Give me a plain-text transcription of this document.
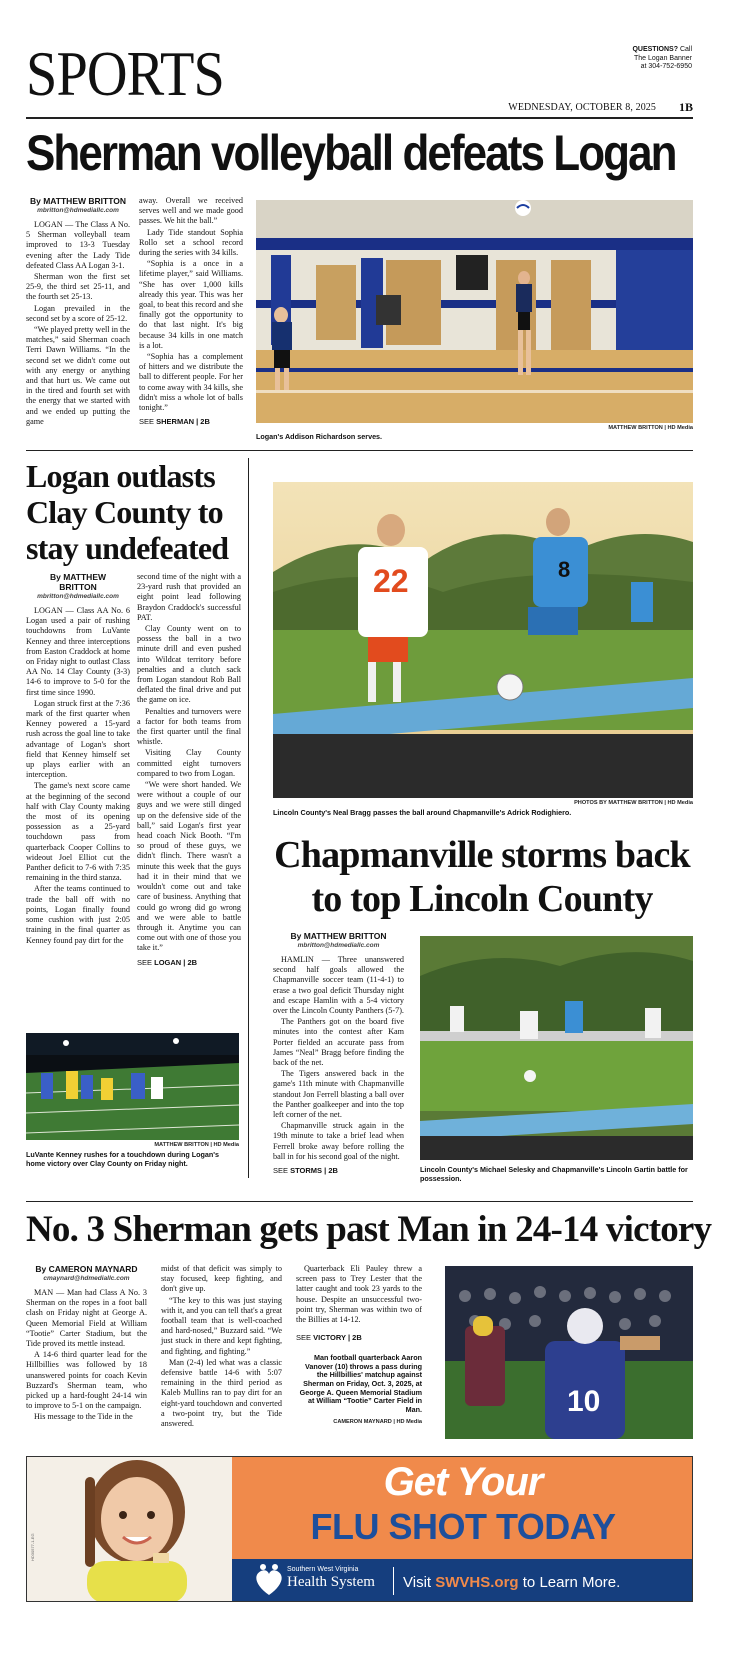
SPORTS	QUESTIONS? Call
The Logan Banner
at 304-752-6950
WEDNESDAY, OCTOBER 8, 2025 1B
Sherman volleyball defeats Logan
By MATTHEW BRITTON
mbritton@hdmediallc.com

LOGAN — The Class A No. 5 Sherman volleyball team improved to 13-3 Tuesday evening after the Lady Tide defeated Class AA Logan 3-1.

Sherman won the first set 25-9, the third set 25-11, and the fourth set 25-13.

Logan prevailed in the second set by a score of 25-12.

“We played pretty well in the matches,” said Sherman coach Terri Dawn Williams. “In the second set we didn't come out with any energy or anything and that hurt us. We came out in the tired and fourth set with the energy that we started with and we ended up putting the game

away. Overall we received serves well and we made good passes. We hit the ball.”

Lady Tide standout Sophia Rollo set a school record during the series with 34 kills.

“Sophia is a once in a lifetime player,” said Williams. “She has over 1,000 kills already this year. This was her goal, to beat this record and she finally got the opportunity to do that last night. It's big because 34 kills in one match is a lot.

“Sophia has a complement of hitters and we distribute the ball to different people. For her to come away with 34 kills, she didn't miss a whole lot of balls tonight.”

SEE SHERMAN | 2B
MATTHEW BRITTON | HD Media
Logan's Addison Richardson serves.
Logan outlasts
Clay County to
stay undefeated
By MATTHEW
BRITTON
mbritton@hdmediallc.com

LOGAN — Class AA No. 6 Logan used a pair of rushing touchdowns from LuVante Kenney and three interceptions from Easton Craddock at home on Friday night to outlast Class AA No. 14 Clay County (3-3) 14-6 to improve to 5-0 for the first time since 1990.

Logan struck first at the 7:36 mark of the first quarter when Kenney powered a 15-yard rush across the goal line to take advantage of Logan's short field that Kenney himself set up plays earlier with an interception.

The game's next score came at the beginning of the second half with Clay County making the most of its opening possession as a 25-yard touchdown pass from quarterback Cooper Collins to wideout Joel Elliot cut the Panther deficit to 7-6 with 7:35 remaining in the third stanza.

After the teams continued to trade the ball off with no points, Logan finally found some cushion with just 2:05 training in the final quarter as Kenney found pay dirt for the

second time of the night with a 23-yard rush that provided an eight point lead following Braydon Craddock's successful PAT.

Clay County went on to possess the ball in a two minute drill and even pushed into Wildcat territory before penalties and a clutch sack from Logan standout Rob Ball deflated the final drive and put the game on ice.

Penalties and turnovers were a factor for both teams from the first quarter until the final whistle.

Visiting Clay County committed eight turnovers compared to two from Logan.

“We were short handed. We were without a couple of our guys and we were still dinged up on the defensive side of the ball,” said Logan's first year head coach Nick Booth. “I'm so proud of these guys, we didn't flinch. There wasn't a minute this week that the guys had it in their mind that we wouldn't come out and take care of business. Anything that could go wrong did go wrong and we were able to battle through it. Anytime you can come out with one of those you take it.”

SEE LOGAN | 2B
MATTHEW BRITTON | HD Media
LuVante Kenney rushes for a touchdown during Logan's home victory over Clay County on Friday night.
22	8
PHOTOS BY MATTHEW BRITTON | HD Media
Lincoln County's Neal Bragg passes the ball around Chapmanville's Adrick Rodighiero.
Chapmanville storms back
to top Lincoln County
By MATTHEW BRITTON
mbritton@hdmediallc.com

HAMLIN — Three unanswered second half goals allowed the Chapmanville soccer team (11-4-1) to erase a two goal deficit Thursday night and escape Hamlin with a 5-4 victory over the Lincoln County Panthers (5-7).

The Panthers got on the board five minutes into the contest after Kam Porter fielded an accurate pass from James “Neal” Bragg before finding the back of the net.

The Tigers answered back in the game's 11th minute with Chapmanville standout Jon Ferrell blasting a ball over the Panther goalkeeper and into the top left corner of the net.

Chapmanville struck again in the 19th minute to take a brief lead when Ferrell broke away before rolling the ball in for his second goal of the night.

SEE STORMS | 2B	Lincoln County's Michael Selesky and Chapmanville's Lincoln Gartin battle for possession.
No. 3 Sherman gets past Man in 24-14 victory
By CAMERON MAYNARD
cmaynard@hdmediallc.com

MAN — Man had Class A No. 3 Sherman on the ropes in a foot ball clash on Friday night at George A. Queen Memorial Field at William “Tootie” Carter Stadium, but the Tide proved its mettle instead.

A 14-6 third quarter lead for the Hillbillies was followed by 18 unanswered points for coach Kevin Buzzard's Sherman team, who picked up a hard-fought 24-14 win to improve to 5-1 on the campaign.

His message to the Tide in the

midst of that deficit was simply to stay focused, keep fighting, and don't give up.

“The key to this was just staying with it, and you can tell that's a great football team that is well-coached and hard-nosed,” Buzzard said. “We just stuck in there and kept fighting, and fighting, and fighting.”

Man (2-4) led what was a classic defensive battle 14-6 with 5:07 remaining in the third period as Kaleb Mullins ran to pay dirt for an eight-yard touchdown and converted a two-point try, but the Tide answered.

Quarterback Eli Pauley threw a screen pass to Trey Lester that the latter caught and took 23 yards to the house. Despite an unsuccessful two-point try, Sherman was within two of the Billies at 14-12.

SEE VICTORY | 2B
Man football quarterback Aaron Vanover (10) throws a pass during the Hillbillies' matchup against Sherman on Friday, Oct. 3, 2025, at George A. Queen Memorial Stadium at William “Tootie” Carter Field in Man.
CAMERON MAYNARD | HD Media
10
HD30577-1-EG
Get Your
FLU SHOT TODAY
Southern West Virginia
Health System Visit SWVHS.org to Learn More.
